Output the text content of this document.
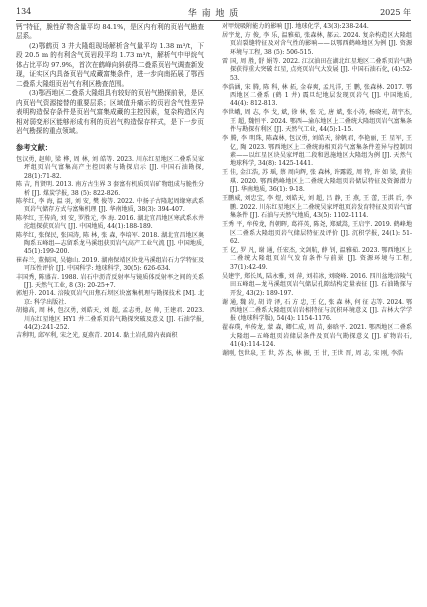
134	华 南 地 质	2025 年

钙“特征，脆性矿物含量平均 84.1%，是区内有利的页岩气勘查层系。

(2)鄂鹤页 3 井大隆组现场解析含气量平均 1.38 m³/t，下段 20.5 m 的有利含气页岩段平均 1.73 m³/t，解析气中甲烷气体占比平均 97.9%，首次在鹤峰向斜获得二叠系页岩气调查新发现，证实区内具备页岩气成藏富集条件，进一步向南拓展了鄂西二叠系大隆组页岩气有利区勘查范围。

(3)鄂西地区二叠系大隆组具有较好的页岩气勘探前景，是区内页岩气资源接替的重要层系；区域值升痛示的页岩含气性差异表明构造保存条件是页岩气富集成藏的主控因素，复杂构造区内相对弱变形区能够形成有利的页岩气构造保存样式，是下一步页岩气勘探的重点领域。

参考文献：

包汉勇, 赵帅, 梁 桦, 周 林, 刘 皓等. 2023. 川东红星地区二叠系吴家坪组页岩气富集高产主控因素与勘探启示 [J]. 中国石油勘探, 28(1):71-82.

陈 吉, 肖贤明. 2013. 南方古生界 3 套富有机质页岩矿物组成与脆性分析 [J]. 煤炭学报, 38 (5): 822-826.

陈孝红, 李 海, 温 羽, 刘 安, 樊 俊等. 2022. 中扬子古隆起周缘寒武系页岩气储存方式与富集机理 [J]. 华南地质, 38(3): 394-407.

陈孝红, 王传尚, 刘 安, 罗胜元, 李 海. 2016. 湖北宜昌地区寒武系水井沱组探获页岩气 [J]. 中国地质, 44(1):188-189.

陈孝红, 张保民, 张国涛, 陈 林, 张 森, 李培军. 2018. 湖北宜昌地区奥陶系五峰组—志留系龙马溪组获页岩气高产工业气流 [J]. 中国地质, 45(1):199-200.

崔春兰, 董振国, 吴德山. 2019. 湖南保靖区块龙马溪组岩石力学特征及可压性评价 [J]. 中国科学: 地球科学, 30(5): 626-634.

丰国秀, 陈盛吉. 1988. 岩石中沥青反射率与镜质体反射率之间的关系 [J]. 天然气工业, 8 (3): 20-25+7.

郭旭升. 2014. 涪陵页岩气田焦石坝区块富集机理与勘探技术 [M]. 北京: 科学出版社.

胡德高, 周 林, 包汉勇, 刘皓天, 刘 超, 孟志勇, 赵 帅, 王建君. 2023. 川东红星地区 HY1 井二叠系页岩气勘探突破及意义 [J]. 石油学报, 44(2):241-252.

吉利明, 邱军利, 宋之光, 夏燕青. 2014. 黏土岩孔隙内表面积

对甲烷吸附能力的影响 [J]. 地球化学, 43(3):238-244.

居宇龙, 方 俊, 李 乐, 温雅茹, 张森林, 郝云. 2024. 复杂构造区大隆组页岩裂缝特征及对含气性的影响——以鄂西鹤峰地区为例 [J]. 资源环境与工程, 38 (5): 506-515.

雷 国, 周 胜, 舒 娟等. 2022. 江汉油田在湖北红星地区二叠系页岩气勘探获得重大突破 红星, 点亮页岩气大发展 [J]. 中国石油石化, (4):52-53.

李浩涵, 宋 腾, 陈 科, 林 拓, 金春爽, 孟凡洋, 王 鹏, 张森林. 2017. 鄂西地区二叠系 (鹤 1 井) 震旦纪地层发现页岩气 [J]. 中国地质, 44(4): 812-813.

李世峨, 周 志, 李 戈, 斌, 徐 林, 张 元, 唐 斌, 张小涛, 杨晓光, 胡宇杰, 王 超, 魏恒平. 2024. 鄂西—渝东地区上二叠统大隆组页岩气富集条件与勘探有利区 [J]. 天然气工业, 44(5):1-15.

李 腾, 李 明珠, 陈森林, 包汉勇, 刘皓天, 徐帆君, 李艳丽, 王 星军, 王 亿, 陶 2023. 鄂西地区上二叠统海相页岩气富集条件差异与控制因素——以红星区块吴家坪组二段和恩施地区大隆组为例 [J]. 天然气地球科学, 34(8): 1425-1441.

王 佳, 金江浩, 苏 瑶, 蔡 周向辉, 张 森林, 许露霞, 周 特, 许 如 梁, 黄佳琪. 2020. 鄂西鹤峰地区上二叠统大隆组页岩储层特征及资源潜力 [J]. 华南地质, 36(1): 9-18.

王鹏威, 刘忠宝, 李 煜, 刘皓天, 刘 超, 吕 静, 王 燕, 王 蕾, 王淇 后, 李鹏. 2022. 川东红星地区上二叠统吴家坪组页岩发育特征及页岩气富集条件 [J]. 石油与天然气地质, 43(5): 1102-1114.

王秀 平, 牟传龙, 肖朝晖, 葛祥英, 陈尧, 郑斌嵩, 王启宇. 2019. 鹤峰地区二叠系大隆组页岩气储层特征及评价 [J]. 沉积学报, 24(1): 51-62.

王 亿, 罗 凡, 谢 通, 任宏杰, 文剑航, 薛 钊, 温雅茹. 2023. 鄂西地区上二叠统大隆组页岩气发育条件与前景 [J]. 资源环境与工程, 37(1):42-49.

吴建宇, 郑长凤, 陆永雅, 刘 萍, 刘若冰, 刘晓峰. 2016. 四川盆地涪陵气田五峰组—龙马溪组页岩气储层孔隙结构定量表征 [J]. 石油勘探与开发, 43(2): 189-197.

谢 通, 魏 岩, 胡 诗 泽, 石 方 忠, 王 亿, 张 森 林, 何 征 志等. 2024. 鄂西地区二叠系大隆组页岩岩相特征与沉积环境意义 [J]. 吉林大学学报 (地球科学版), 54(4): 1154-1176.

翟春璞, 牟传龙, 蒙 森, 卿仁成, 周 苗, 秦晗平. 2021. 鄂西地区二叠系大隆组—五峰组页岩储层条件及页岩气勘探意义 [J]. 矿物岩石, 41(4):114-124.

谢刚, 包世泉, 王 世, 苏 杰, 林 振, 王 甘, 王世 晋, 周 志, 宋 刚, 李浩
